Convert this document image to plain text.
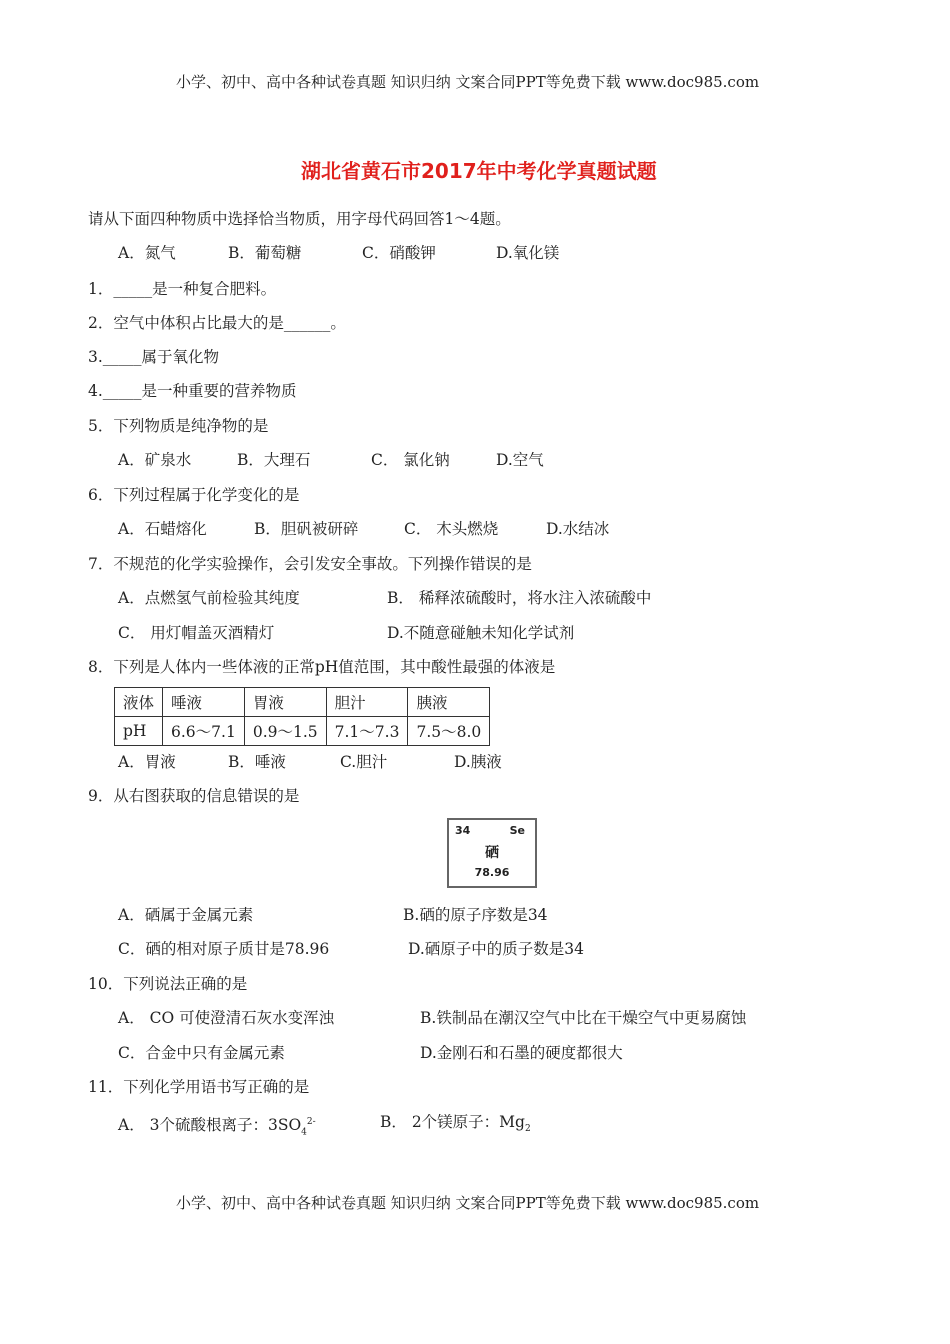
小学、初中、高中各种试卷真题 知识归纳 文案合同PPT等免费下载 www.doc985.com
湖北省黄石市2017年中考化学真题试题
请从下面四种物质中选择恰当物质，用字母代码回答1～4题。
A．氮气	B．葡萄糖	C．硝酸钾	D.氧化镁
1．_____是一种复合肥料。
2．空气中体积占比最大的是______。
3._____属于氧化物
4._____是一种重要的营养物质
5．下列物质是纯净物的是
A．矿泉水	B．大理石	C． 氯化钠	D.空气
6．下列过程属于化学变化的是
A．石蜡熔化	B．胆矾被研碎	C． 木头燃烧	D.水结冰
7．不规范的化学实验操作，会引发安全事故。下列操作错误的是
A．点燃氢气前检验其纯度	B． 稀释浓硫酸时，将水注入浓硫酸中
C． 用灯帽盖灭酒精灯	D.不随意碰触未知化学试剂
8．下列是人体内一些体液的正常pH值范围，其中酸性最强的体液是
液体	唾液	胃液	胆汁	胰液
pH	6.6～7.1	0.9～1.5	7.1～7.3	7.5～8.0
A．胃液	B．唾液	C.胆汁	D.胰液
9．从右图获取的信息错误的是
34	Se
硒
78.96
A．硒属于金属元素	B.硒的原子序数是34
C．硒的相对原子质甘是78.96	D.硒原子中的质子数是34
10．下列说法正确的是
A． CO 可使澄清石灰水变浑浊	B.铁制品在潮汉空气中比在干燥空气中更易腐蚀
C．合金中只有金属元素	D.金刚石和石墨的硬度都很大
11．下列化学用语书写正确的是
A． 3个硫酸根离子：$3SO_4^{2-}$	B． 2个镁原子：$Mg_2$
小学、初中、高中各种试卷真题 知识归纳 文案合同PPT等免费下载 www.doc985.com
